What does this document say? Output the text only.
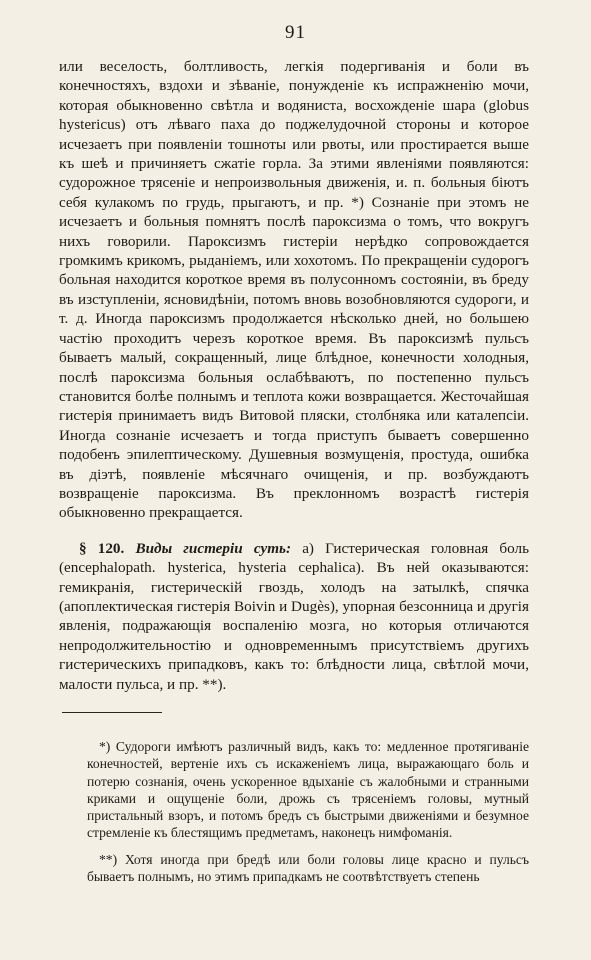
91

или веселость, болтливость, легкія подергиванія и боли въ конечностяхъ, вздохи и зѣваніе, понужденіе къ испражненію мочи, которая обыкновенно свѣтла и водяниста, восхожденіе шара (globus hystericus) отъ лѣваго паха до поджелудочной стороны и которое исчезаетъ при появленіи тошноты или рвоты, или простирается выше къ шеѣ и причиняетъ сжатіе горла. За этими явленіями появляются: судорожное трясеніе и непроизвольныя движенія, и. п. больныя біютъ себя кулакомъ по грудь, прыгаютъ, и пр. *) Сознаніе при этомъ не исчезаетъ и больныя помнятъ послѣ пароксизма о томъ, что вокругъ нихъ говорили. Пароксизмъ гистеріи нерѣдко сопровождается громкимъ крикомъ, рыданіемъ, или хохотомъ. По прекращеніи судорогъ больная находится короткое время въ полусонномъ состояніи, въ бреду въ изступленіи, ясновидѣніи, потомъ вновь возобновляются судороги, и т. д. Иногда пароксизмъ продолжается нѣсколько дней, но большею частію проходитъ черезъ короткое время. Въ пароксизмѣ пульсъ бываетъ малый, сокращенный, лице блѣдное, конечности холодныя, послѣ пароксизма больныя ослабѣваютъ, по постепенно пульсъ становится болѣе полнымъ и теплота кожи возвращается. Жесточайшая гистерія принимаетъ видъ Витовой пляски, столбняка или каталепсіи. Иногда сознаніе исчезаетъ и тогда приступъ бываетъ совершенно подобенъ эпилептическому. Душевныя возмущенія, простуда, ошибка въ діэтѣ, появленіе мѣсячнаго очищенія, и пр. возбуждаютъ возвращеніе пароксизма. Въ преклонномъ возрастѣ гистерія обыкновенно прекращается.

§ 120. Виды гистеріи суть: а) Гистерическая головная боль (encephalopath. hysterica, hysteria cephalica). Въ ней оказываются: гемикранія, гистерическій гвоздь, холодъ на затылкѣ, спячка (апоплектическая гистерія Boivin и Dugès), упорная безсонница и другія явленія, подражающія воспаленію мозга, но которыя отличаются непродолжительностію и одновременнымъ присутствіемъ другихъ гистерическихъ припадковъ, какъ то: блѣдности лица, свѣтлой мочи, малости пульса, и пр. **).

*) Судороги имѣютъ различный видъ, какъ то: медленное протягиваніе конечностей, вертеніе ихъ съ искаженіемъ лица, выражающаго боль и потерю сознанія, очень ускоренное вдыханіе съ жалобными и странными криками и ощущеніе боли, дрожь съ трясеніемъ головы, мутный пристальный взоръ, и потомъ бредъ съ быстрыми движеніями и безумное стремленіе къ блестящимъ предметамъ, наконецъ нимфоманія.

**) Хотя иногда при бредѣ или боли головы лице красно и пульсъ бываетъ полнымъ, но этимъ припадкамъ не соотвѣтствуетъ степень
